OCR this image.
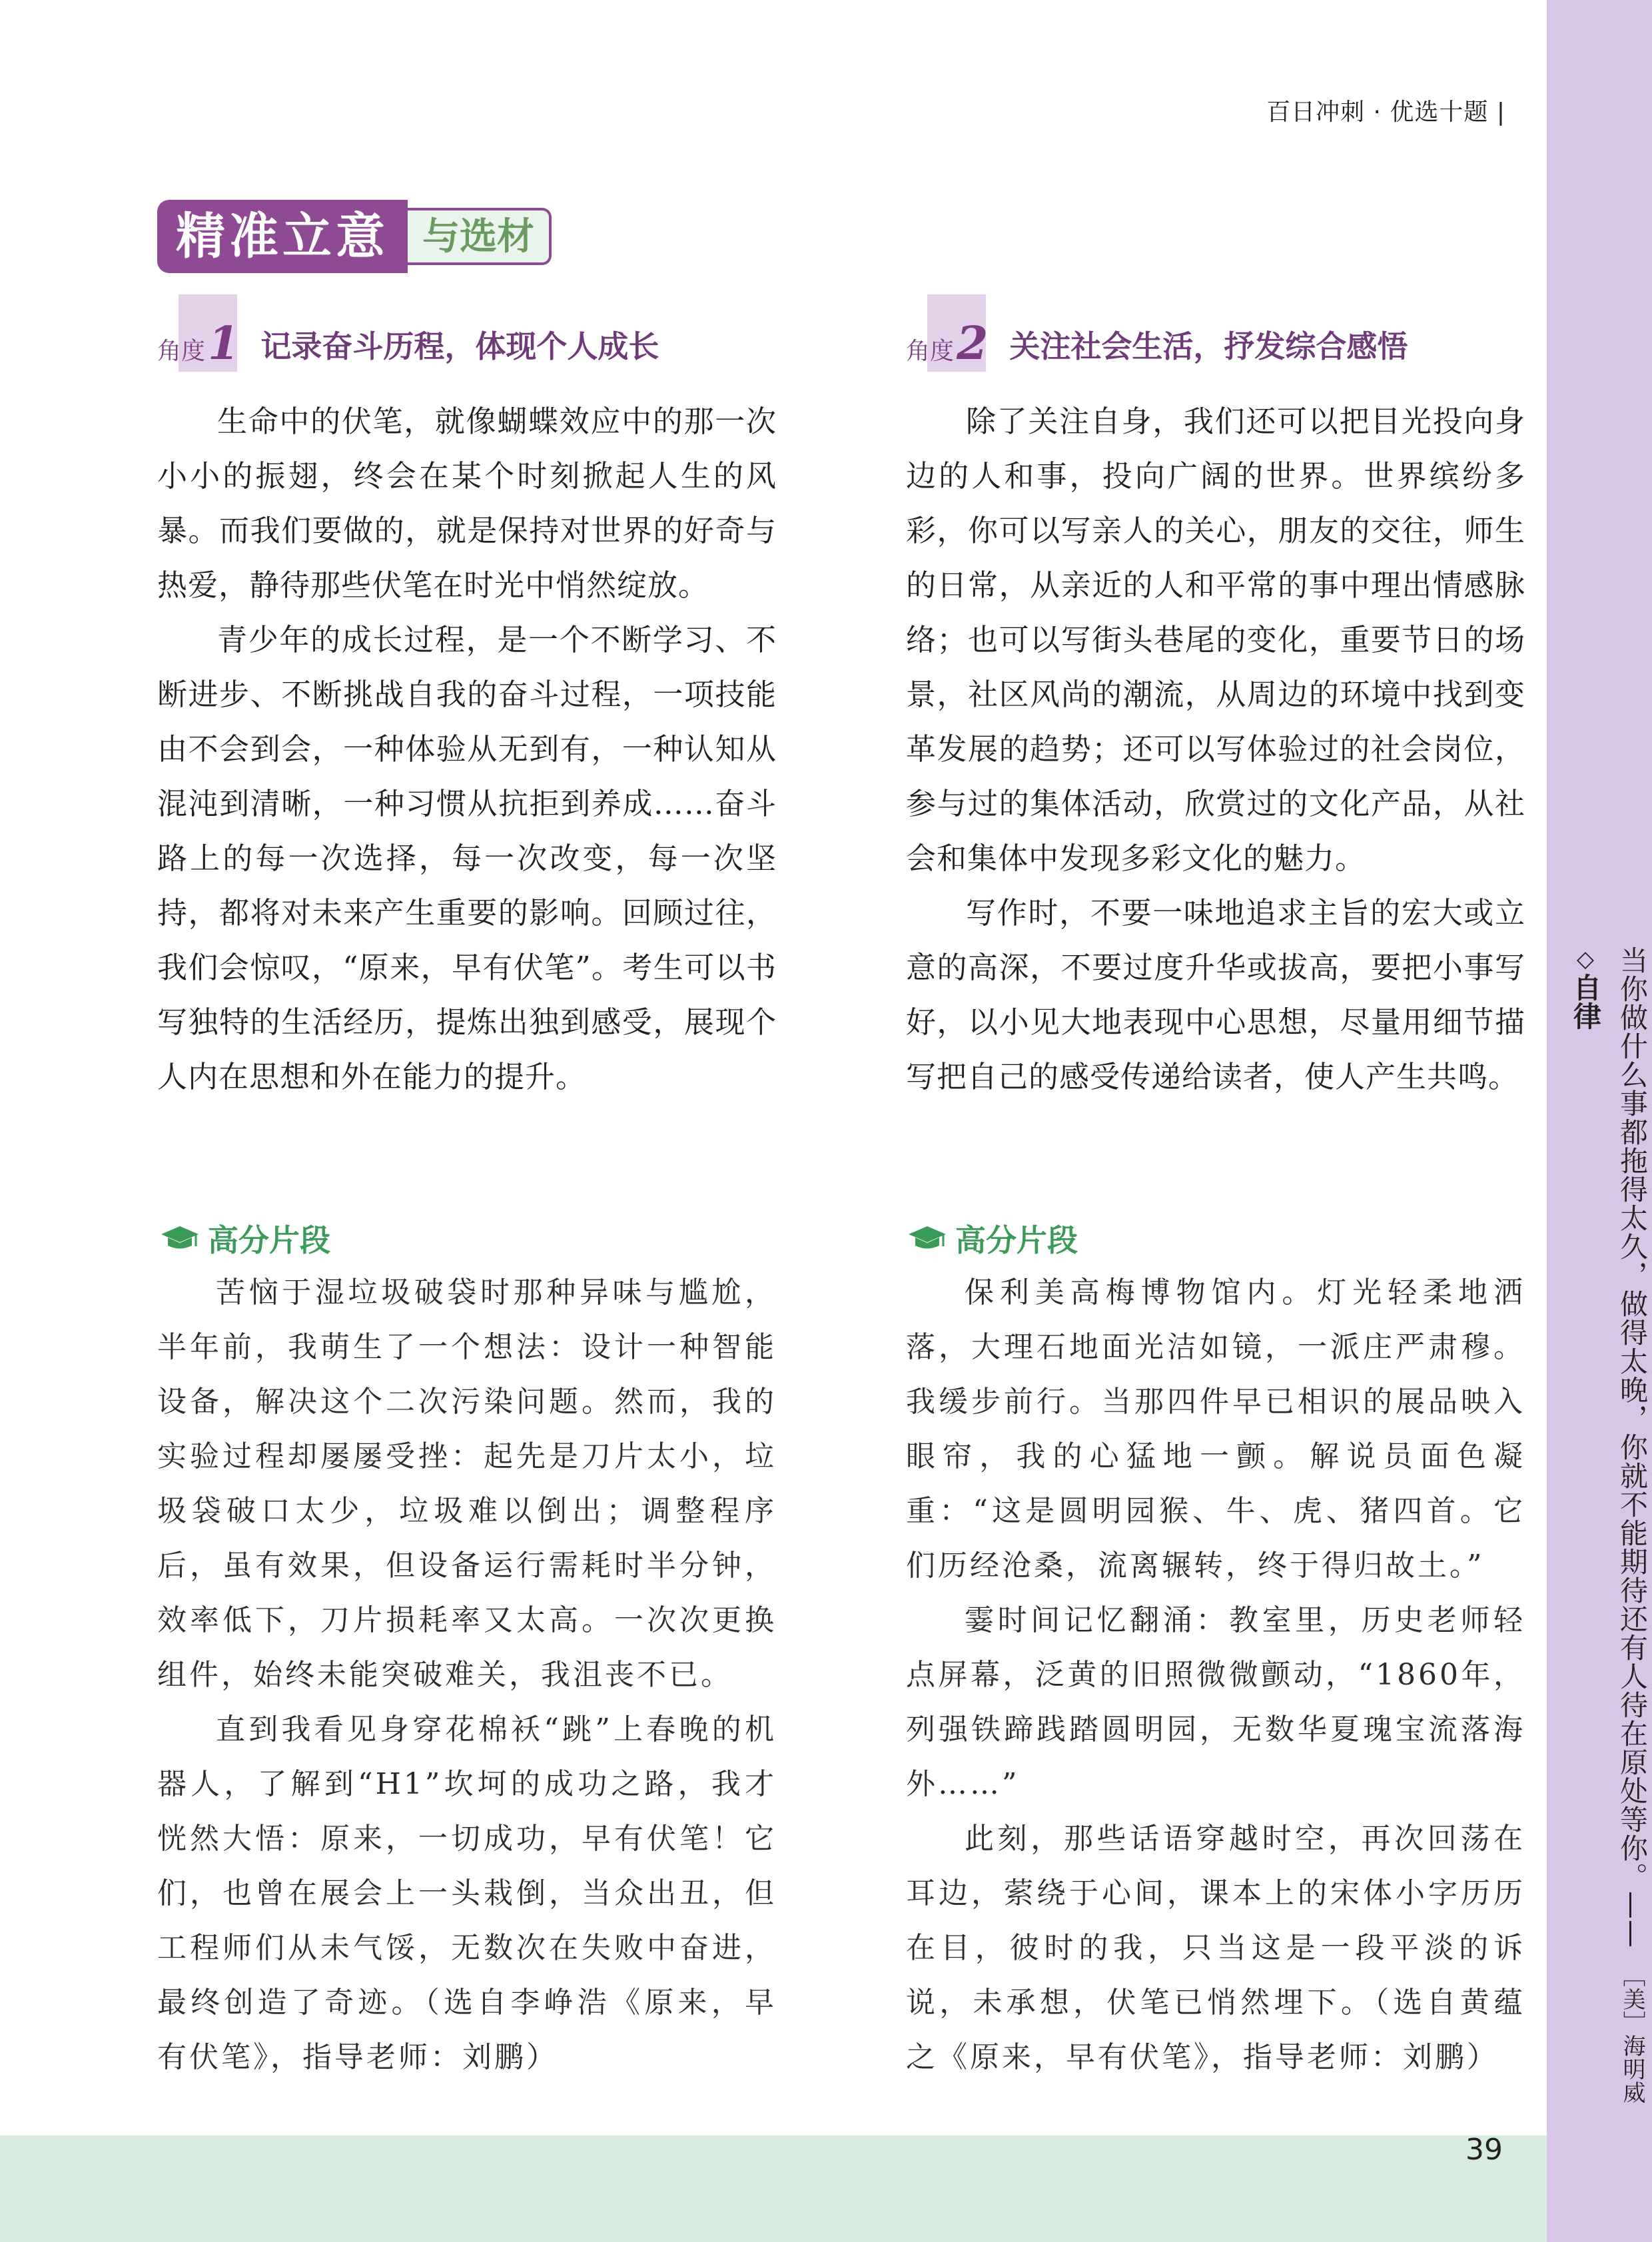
百日冲刺 · 优选十题 |
精准立意 与选材
角度 1 记录奋斗历程，体现个人成长

生命中的伏笔，就像蝴蝶效应中的那一次小小的振翅，终会在某个时刻掀起人生的风暴。而我们要做的，就是保持对世界的好奇与热爱，静待那些伏笔在时光中悄然绽放。

青少年的成长过程，是一个不断学习、不断进步、不断挑战自我的奋斗过程，一项技能由不会到会，一种体验从无到有，一种认知从混沌到清晰，一种习惯从抗拒到养成……奋斗路上的每一次选择，每一次改变，每一次坚持，都将对未来产生重要的影响。回顾过往，我们会惊叹，“原来，早有伏笔”。考生可以书写独特的生活经历，提炼出独到感受，展现个人内在思想和外在能力的提升。

高分片段

苦恼于湿垃圾破袋时那种异味与尴尬，半年前，我萌生了一个想法：设计一种智能设备，解决这个二次污染问题。然而，我的实验过程却屡屡受挫：起先是刀片太小，垃圾袋破口太少，垃圾难以倒出；调整程序后，虽有效果，但设备运行需耗时半分钟，效率低下，刀片损耗率又太高。一次次更换组件，始终未能突破难关，我沮丧不已。

直到我看见身穿花棉袄“跳”上春晚的机器人，了解到“H1”坎坷的成功之路，我才恍然大悟：原来，一切成功，早有伏笔！它们，也曾在展会上一头栽倒，当众出丑，但工程师们从未气馁，无数次在失败中奋进，最终创造了奇迹。（选自李峥浩《原来，早有伏笔》，指导老师：刘鹏）

角度 2 关注社会生活，抒发综合感悟

除了关注自身，我们还可以把目光投向身边的人和事，投向广阔的世界。世界缤纷多彩，你可以写亲人的关心，朋友的交往，师生的日常，从亲近的人和平常的事中理出情感脉络；也可以写街头巷尾的变化，重要节日的场景，社区风尚的潮流，从周边的环境中找到变革发展的趋势；还可以写体验过的社会岗位，参与过的集体活动，欣赏过的文化产品，从社会和集体中发现多彩文化的魅力。

写作时，不要一味地追求主旨的宏大或立意的高深，不要过度升华或拔高，要把小事写好，以小见大地表现中心思想，尽量用细节描写把自己的感受传递给读者，使人产生共鸣。

高分片段

保利美高梅博物馆内。灯光轻柔地洒落，大理石地面光洁如镜，一派庄严肃穆。我缓步前行。当那四件早已相识的展品映入眼帘，我的心猛地一颤。解说员面色凝重：“这是圆明园猴、牛、虎、猪四首。它们历经沧桑，流离辗转，终于得归故土。”

霎时间记忆翻涌：教室里，历史老师轻点屏幕，泛黄的旧照微微颤动，“1860年，列强铁蹄践踏圆明园，无数华夏瑰宝流落海外……”

此刻，那些话语穿越时空，再次回荡在耳边，萦绕于心间，课本上的宋体小字历历在目，彼时的我，只当这是一段平淡的诉说，未承想，伏笔已悄然埋下。（选自黄蕴之《原来，早有伏笔》，指导老师：刘鹏）

◇自律 当你做什么事都拖得太久，做得太晚，你就不能期待还有人待在原处等你。——［美］海明威
39
